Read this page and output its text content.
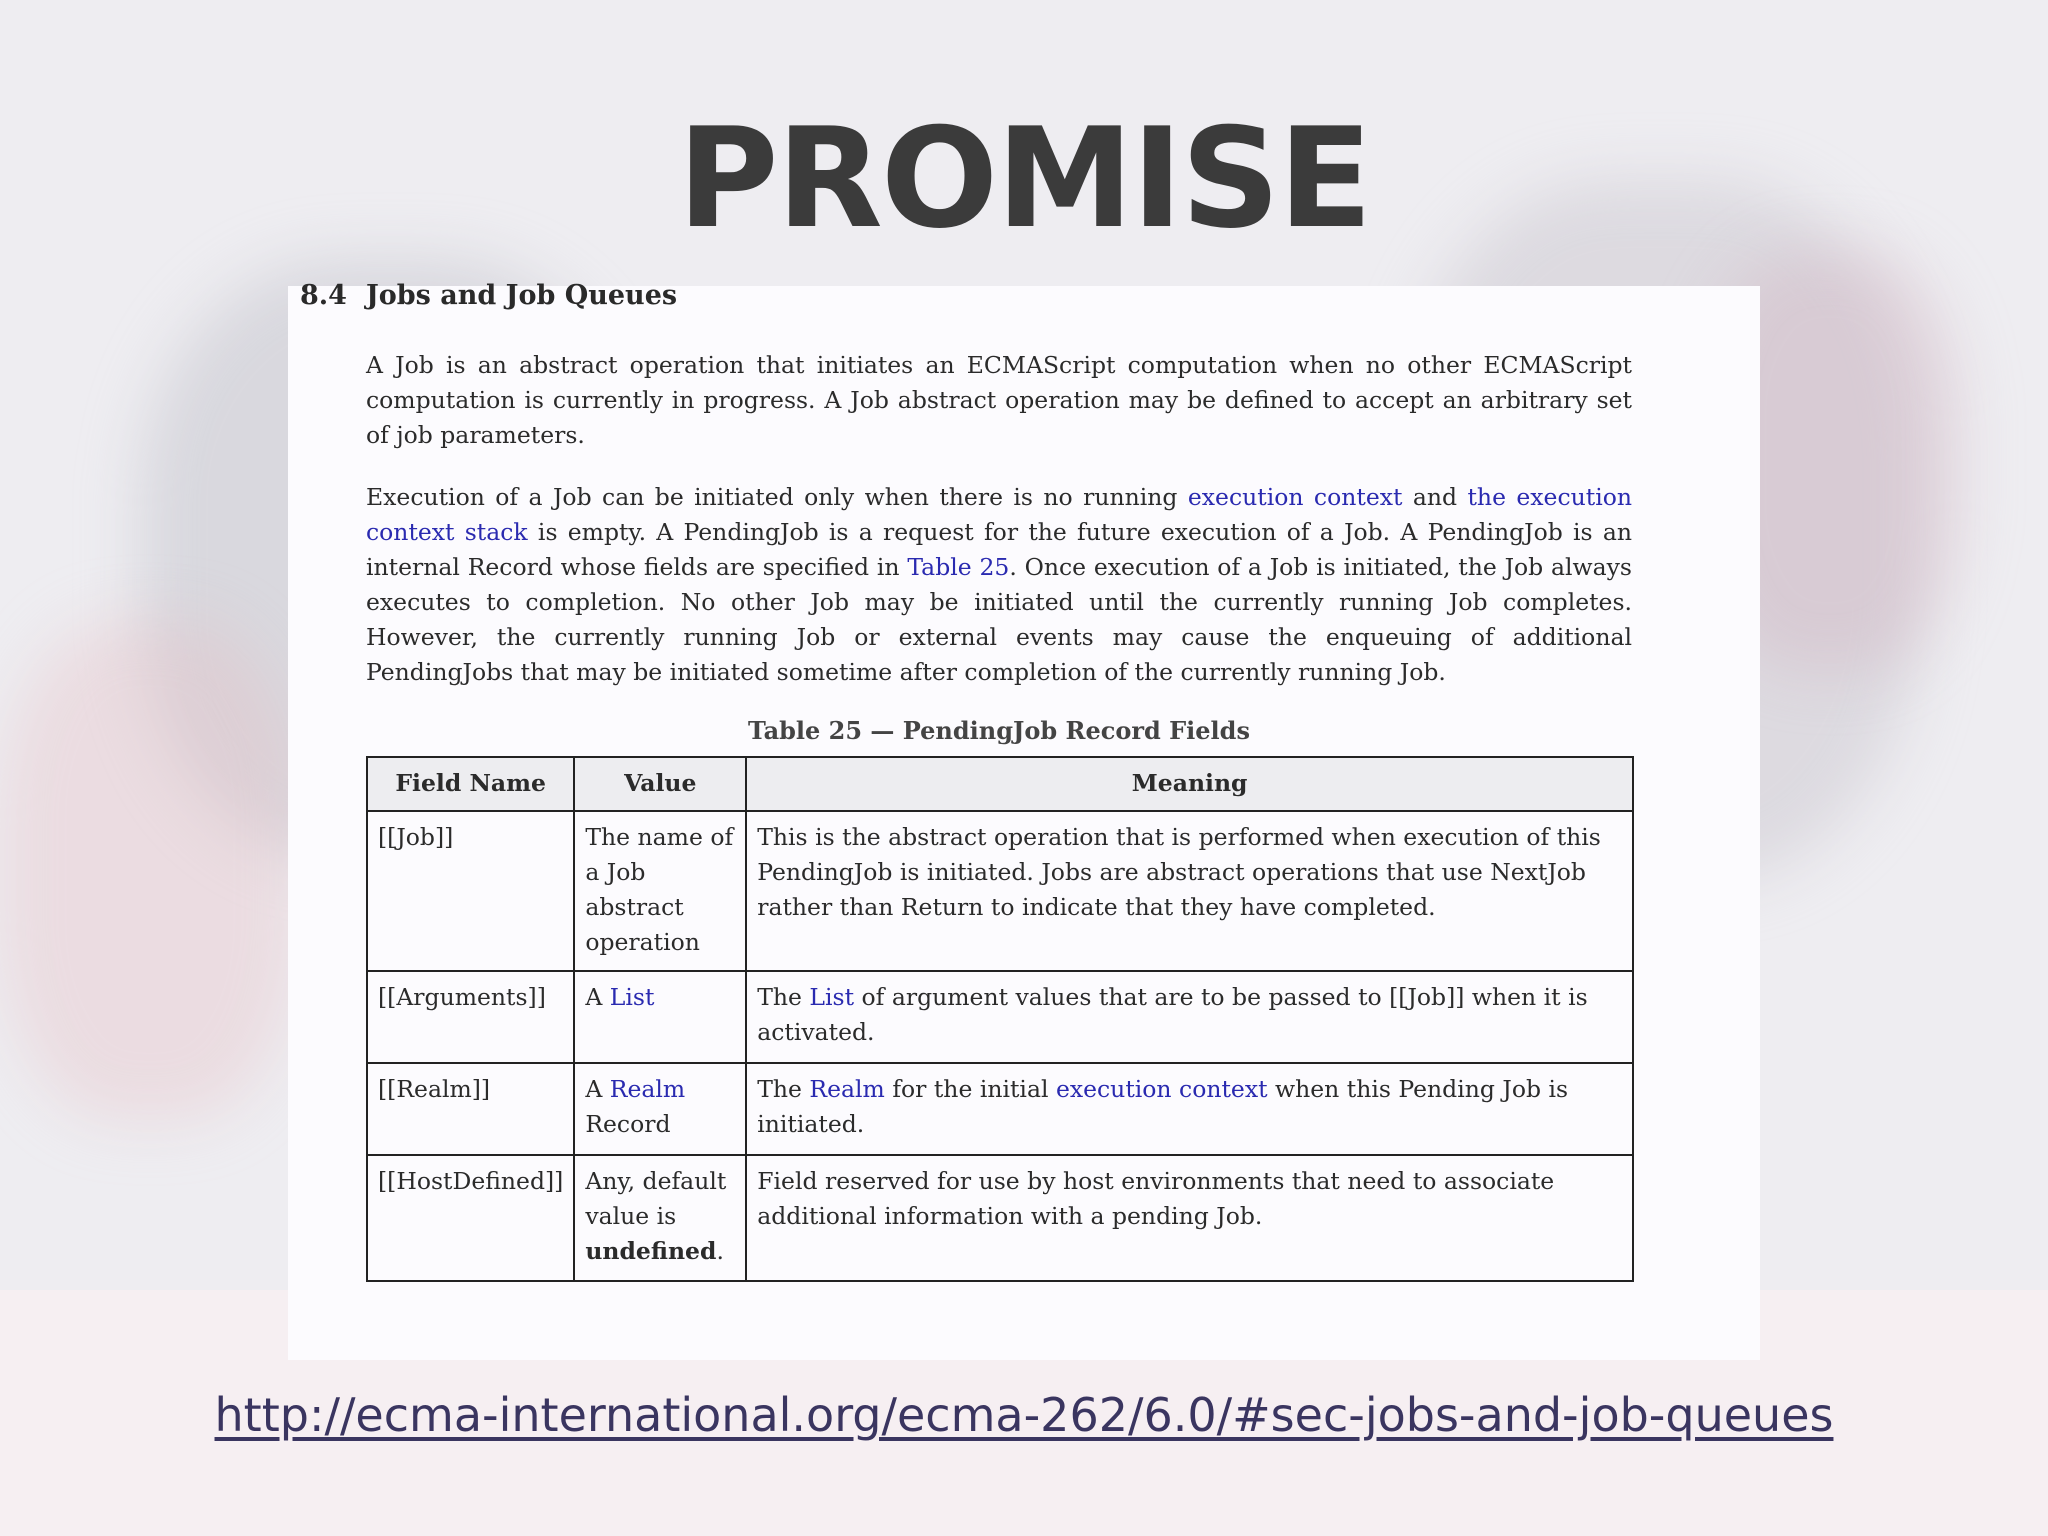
PROMISE
8.4 Jobs and Job Queues
A Job is an abstract operation that initiates an ECMAScript computation when no other ECMAScript computation is currently in progress. A Job abstract operation may be defined to accept an arbitrary set of job parameters.
Execution of a Job can be initiated only when there is no running execution context and the execution context stack is empty. A PendingJob is a request for the future execution of a Job. A PendingJob is an internal Record whose fields are specified in Table 25. Once execution of a Job is initiated, the Job always executes to completion. No other Job may be initiated until the currently running Job completes. However, the currently running Job or external events may cause the enqueuing of additional PendingJobs that may be initiated sometime after completion of the currently running Job.
Table 25 — PendingJob Record Fields
Field Name	Value	Meaning
[[Job]]	The name of a Job abstract operation	This is the abstract operation that is performed when execution of this PendingJob is initiated. Jobs are abstract operations that use NextJob rather than Return to indicate that they have completed.
[[Arguments]]	A List	The List of argument values that are to be passed to [[Job]] when it is activated.
[[Realm]]	A Realm Record	The Realm for the initial execution context when this Pending Job is initiated.
[[HostDefined]]	Any, default value is undefined.	Field reserved for use by host environments that need to associate additional information with a pending Job.
http://ecma-international.org/ecma-262/6.0/#sec-jobs-and-job-queues
